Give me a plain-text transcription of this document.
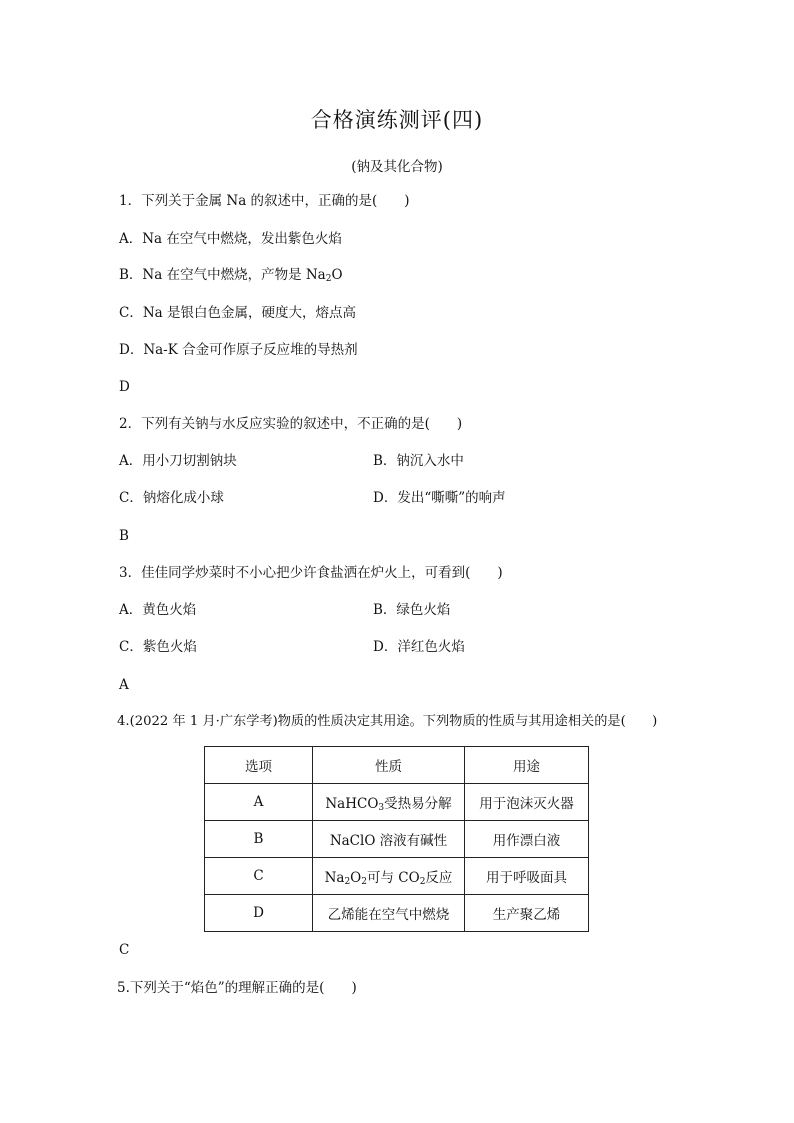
合格演练测评(四)
(钠及其化合物)
1．下列关于金属 Na 的叙述中，正确的是(　　)
A．Na 在空气中燃烧，发出紫色火焰
B．Na 在空气中燃烧，产物是 $Na_2O$
C．Na 是银白色金属，硬度大，熔点高
D．Na-K 合金可作原子反应堆的导热剂
D
2．下列有关钠与水反应实验的叙述中，不正确的是(　　)
A．用小刀切割钠块	B．钠沉入水中
C．钠熔化成小球	D．发出“嘶嘶”的响声
B
3．佳佳同学炒菜时不小心把少许食盐洒在炉火上，可看到(　　)
A．黄色火焰	B．绿色火焰
C．紫色火焰	D．洋红色火焰
A
4.(2022 年 1 月·广东学考)物质的性质决定其用途。下列物质的性质与其用途相关的是(　　)
选项	性质	用途
A	NaHCO$_3$受热易分解	用于泡沫灭火器
B	NaClO 溶液有碱性	用作漂白液
C	$Na_2O_2$可与 $CO_2$反应	用于呼吸面具
D	乙烯能在空气中燃烧	生产聚乙烯
C
5.下列关于“焰色”的理解正确的是(　　)
